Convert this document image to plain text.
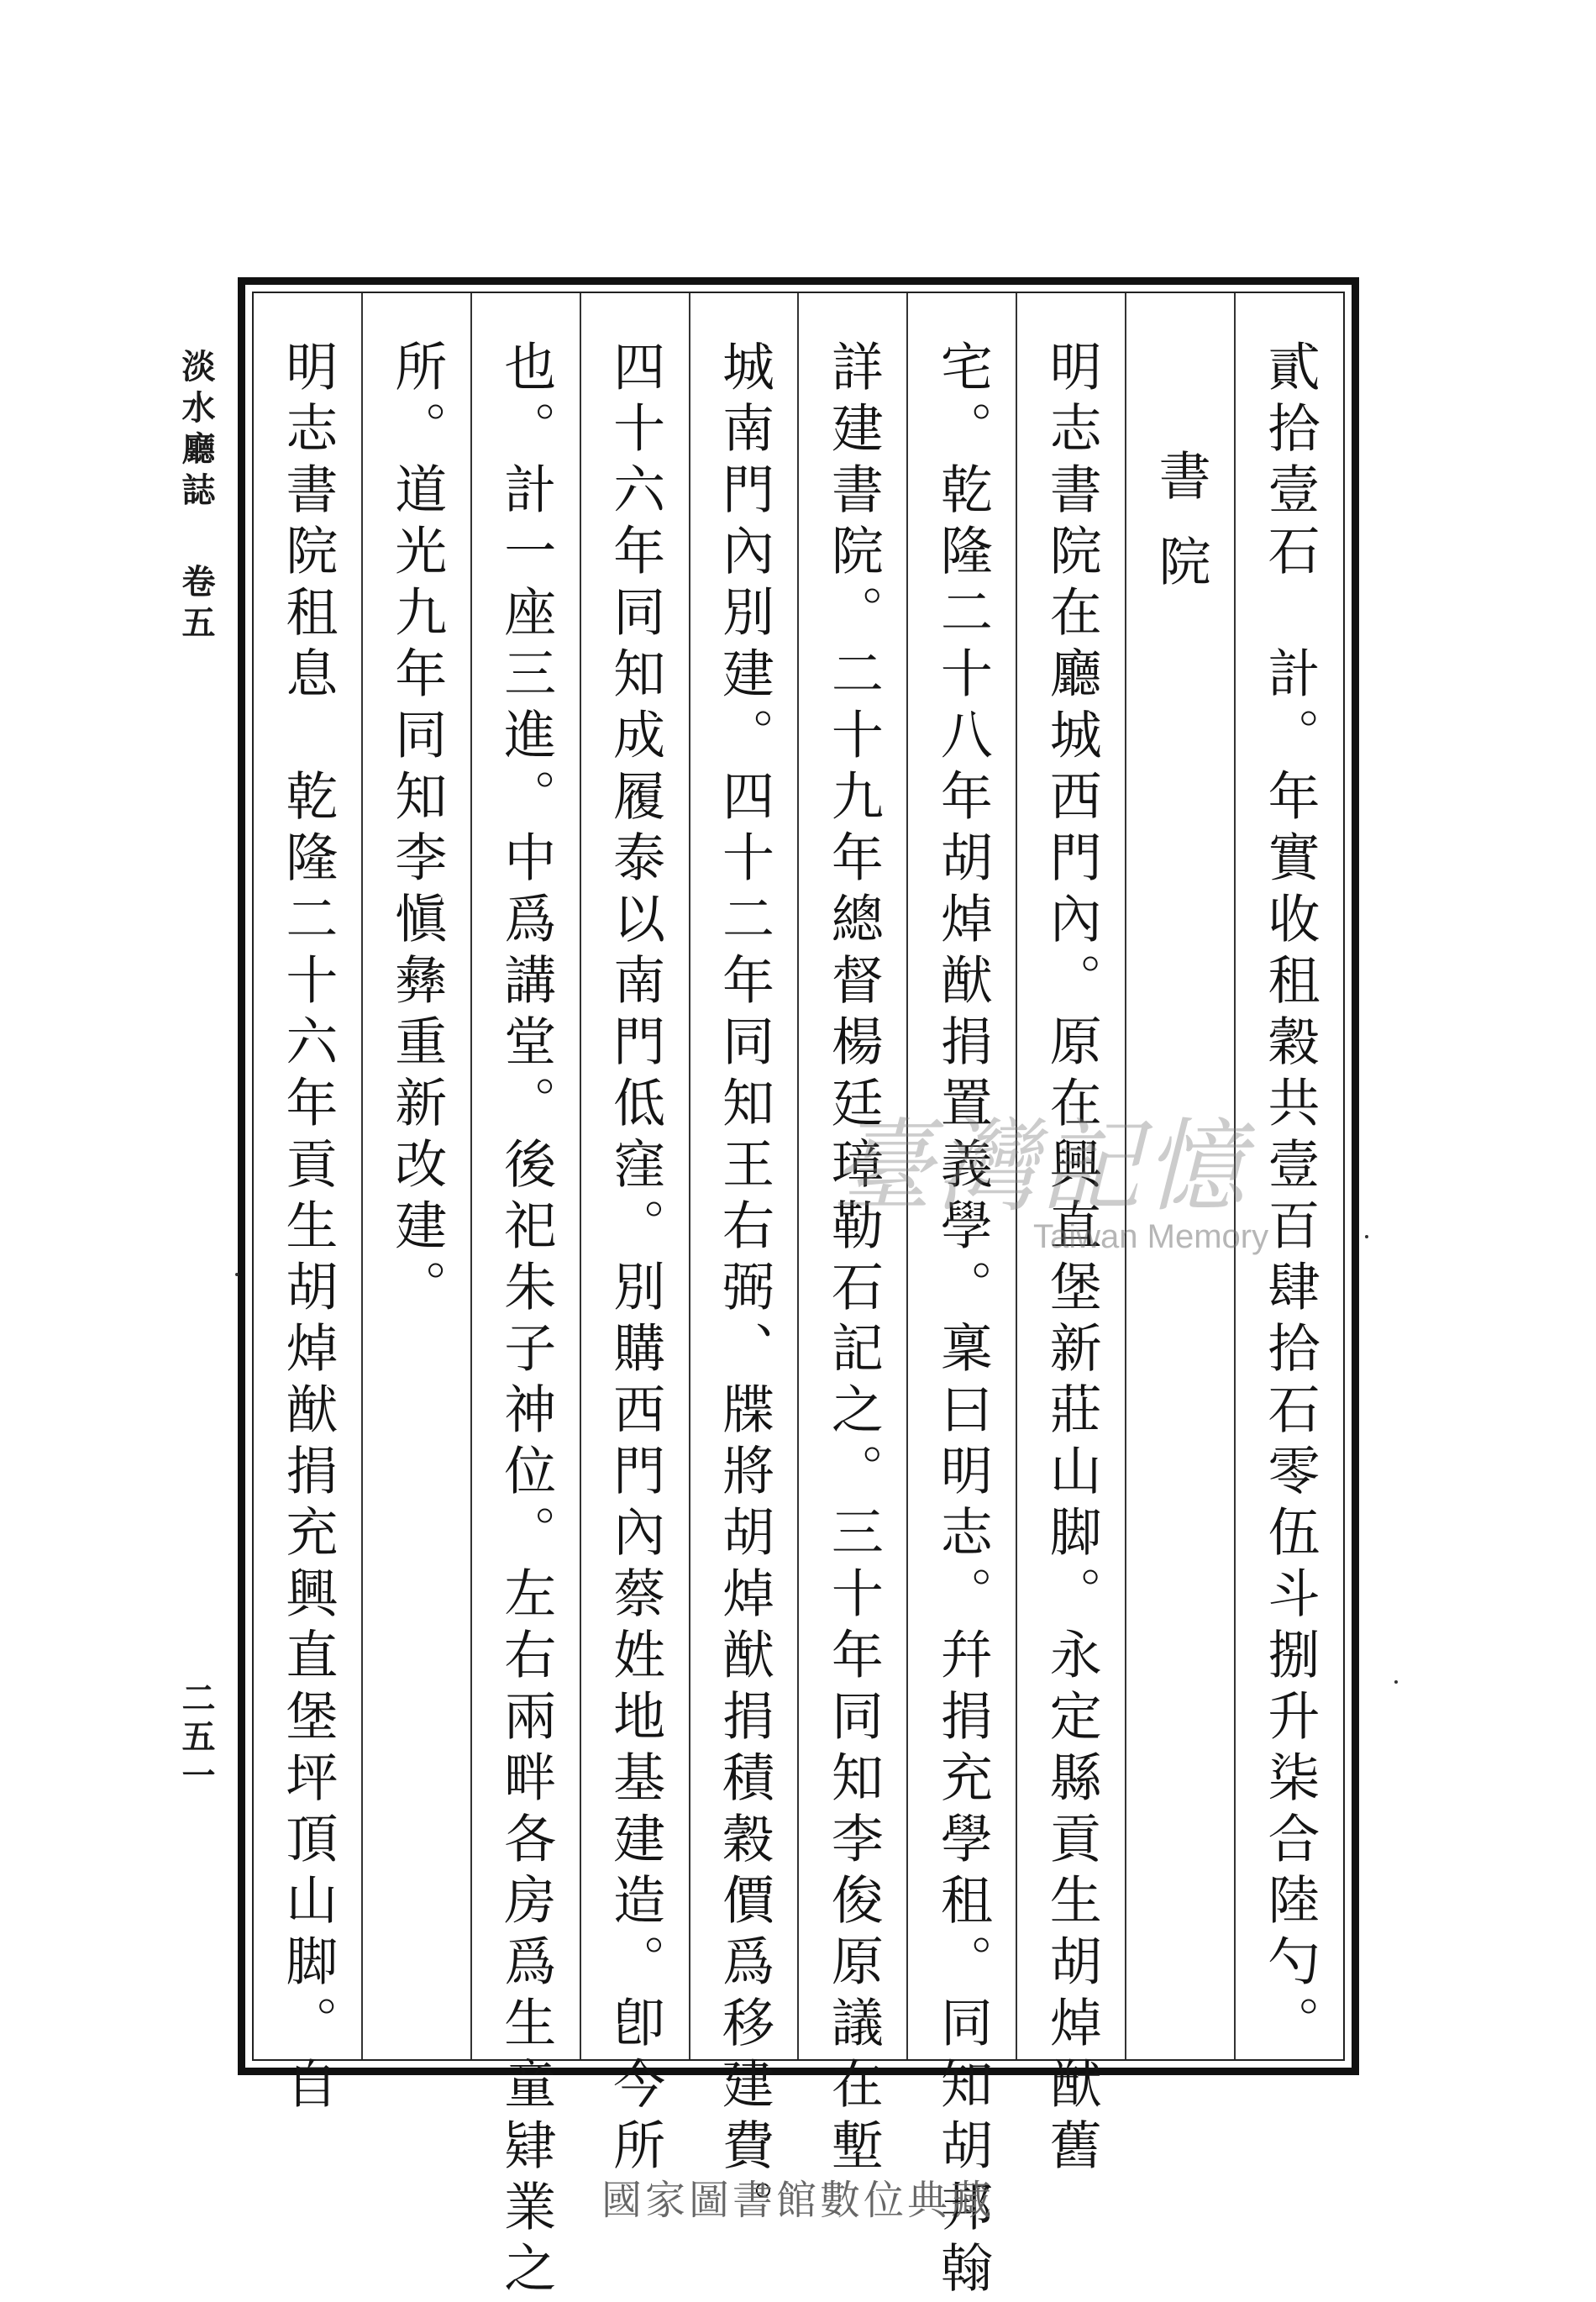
淡水廳誌卷五
二五一	貳拾壹石　計。年實收租穀共壹百肆拾石零伍斗捌升柒合陸勺。
書院
明志書院在廳城西門內。原在興直堡新莊山脚。永定縣貢生胡焯猷舊
宅。乾隆二十八年胡焯猷捐置義學。稟曰明志。幷捐充學租。同知胡邦翰
詳建書院。二十九年總督楊廷璋勒石記之。三十年同知李俊原議在塹
城南門內別建。四十二年同知王右弼、牒將胡焯猷捐積穀價爲移建費。
四十六年同知成履泰以南門低窪。別購西門內蔡姓地基建造。卽今所
也。計一座三進。中爲講堂。後祀朱子神位。左右兩畔各房爲生童肄業之
所。道光九年同知李愼彝重新改建。
明志書院租息　乾隆二十六年貢生胡焯猷捐充興直堡坪頂山脚。自	臺灣記憶
Taiwan Memory
國家圖書館數位典藏
